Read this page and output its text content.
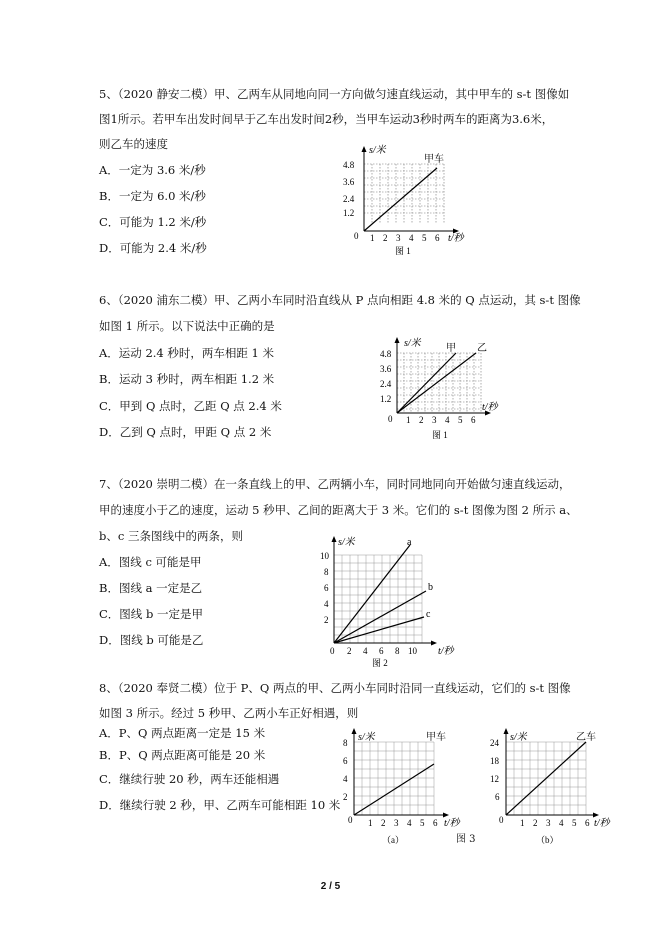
5、（2020 静安二模）甲、乙两车从同地向同一方向做匀速直线运动，其中甲车的 s-t 图像如
图1所示。若甲车出发时间早于乙车出发时间2秒，当甲车运动3秒时两车的距离为3.6米，
则乙车的速度
A．一定为 3.6 米/秒
B．一定为 6.0 米/秒
C．可能为 1.2 米/秒
D．可能为 2.4 米/秒
s/米
甲车
4.8
3.6
2.4
1.2
0 1 2 3 4 5 6 t/秒
图 1
6、（2020 浦东二模）甲、乙两小车同时沿直线从 P 点向相距 4.8 米的 Q 点运动，其 s-t 图像
如图 1 所示。以下说法中正确的是
A．运动 2.4 秒时，两车相距 1 米
B．运动 3 秒时，两车相距 1.2 米
C．甲到 Q 点时，乙距 Q 点 2.4 米
D．乙到 Q 点时，甲距 Q 点 2 米
s/米	甲 乙
4.8
3.6
2.4
1.2
0 1 2 3 4 5 6
t/秒
图 1
7、（2020 崇明二模）在一条直线上的甲、乙两辆小车，同时同地同向开始做匀速直线运动，
甲的速度小于乙的速度，运动 5 秒甲、乙间的距离大于 3 米。它们的 s-t 图像为图 2 所示 a、
b、c 三条图线中的两条，则
A．图线 c 可能是甲
B．图线 a 一定是乙
C．图线 b 一定是甲
D．图线 b 可能是乙
s/米	a
b
c
10
8
6
4
2
0 2 4 6 8 10 t/秒
图 2
8、（2020 奉贤二模）位于 P、Q 两点的甲、乙两小车同时沿同一直线运动，它们的 s-t 图像
如图 3 所示。经过 5 秒甲、乙两小车正好相遇，则
A．P、Q 两点距离一定是 15 米
B．P、Q 两点距离可能是 20 米
C．继续行驶 20 秒，两车还能相遇
D．继续行驶 2 秒，甲、乙两车可能相距 10 米
s/米	甲车
8
6
4
2
0 1 2 3 4 5 6 t/秒
（a）	图 3
s/米	乙车
24
18
12
6
0 1 2 3 4 5 6 t/秒
（b）
2 / 5
